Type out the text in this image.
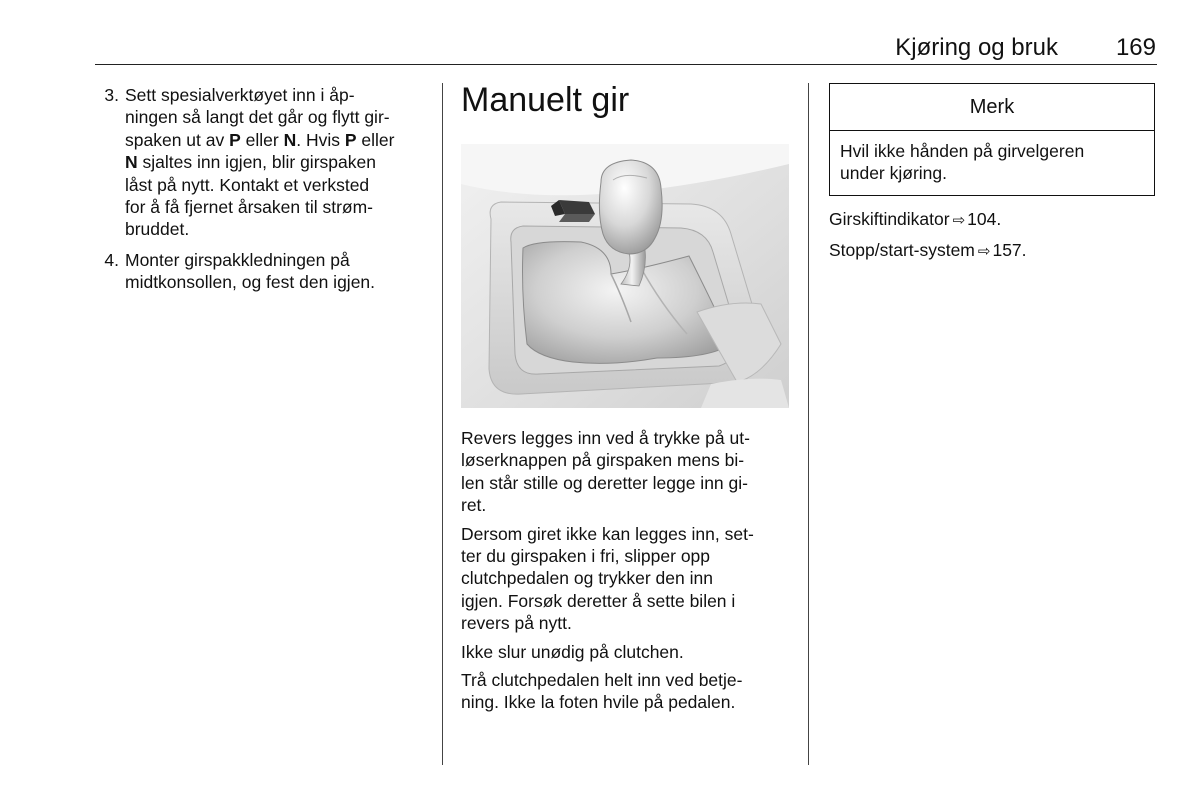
Kjøring og bruk	169
3. Sett spesialverktøyet inn i åp-
ningen så langt det går og flytt gir-
spaken ut av P eller N. Hvis P eller
N sjaltes inn igjen, blir girspaken
låst på nytt. Kontakt et verksted
for å få fjernet årsaken til strøm-
bruddet.
4. Monter girspakkledningen på
midtkonsollen, og fest den igjen.
Manuelt gir

Revers legges inn ved å trykke på ut-
løserknappen på girspaken mens bi-
len står stille og deretter legge inn gi-
ret.

Dersom giret ikke kan legges inn, set-
ter du girspaken i fri, slipper opp
clutchpedalen og trykker den inn
igjen. Forsøk deretter å sette bilen i
revers på nytt.

Ikke slur unødig på clutchen.

Trå clutchpedalen helt inn ved betje-
ning. Ikke la foten hvile på pedalen.

Merk
Hvil ikke hånden på girvelgeren
under kjøring.
Girskiftindikator ⇨ 104.
Stopp/start-system ⇨ 157.
